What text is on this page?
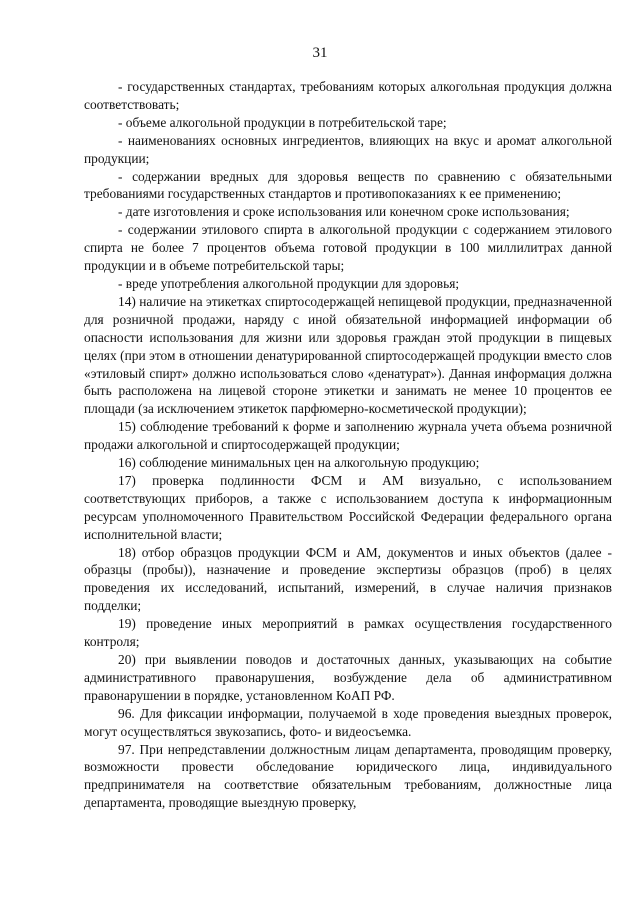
31

- государственных стандартах, требованиям которых алкогольная продукция должна соответствовать;

- объеме алкогольной продукции в потребительской таре;

- наименованиях основных ингредиентов, влияющих на вкус и аромат алкогольной продукции;

- содержании вредных для здоровья веществ по сравнению с обязательными требованиями государственных стандартов и противопоказаниях к ее применению;

- дате изготовления и сроке использования или конечном сроке использования;

- содержании этилового спирта в алкогольной продукции с содержанием этилового спирта не более 7 процентов объема готовой продукции в 100 миллилитрах данной продукции и в объеме потребительской тары;

- вреде употребления алкогольной продукции для здоровья;

14) наличие на этикетках спиртосодержащей непищевой продукции, предназначенной для розничной продажи, наряду с иной обязательной информацией информации об опасности использования для жизни или здоровья граждан этой продукции в пищевых целях (при этом в отношении денатурированной спиртосодержащей продукции вместо слов «этиловый спирт» должно использоваться слово «денатурат»). Данная информация должна быть расположена на лицевой стороне этикетки и занимать не менее 10 процентов ее площади (за исключением этикеток парфюмерно-косметической продукции);

15) соблюдение требований к форме и заполнению журнала учета объема розничной продажи алкогольной и спиртосодержащей продукции;

16) соблюдение минимальных цен на алкогольную продукцию;

17) проверка подлинности ФСМ и АМ визуально, с использованием соответствующих приборов, а также с использованием доступа к информационным ресурсам уполномоченного Правительством Российской Федерации федерального органа исполнительной власти;

18) отбор образцов продукции ФСМ и АМ, документов и иных объектов (далее - образцы (пробы)), назначение и проведение экспертизы образцов (проб) в целях проведения их исследований, испытаний, измерений, в случае наличия признаков подделки;

19) проведение иных мероприятий в рамках осуществления государственного контроля;

20) при выявлении поводов и достаточных данных, указывающих на событие административного правонарушения, возбуждение дела об административном правонарушении в порядке, установленном КоАП РФ.

96. Для фиксации информации, получаемой в ходе проведения выездных проверок, могут осуществляться звукозапись, фото- и видеосъемка.

97. При непредставлении должностным лицам департамента, проводящим проверку, возможности провести обследование юридического лица, индивидуального предпринимателя на соответствие обязательным требованиям, должностные лица департамента, проводящие выездную проверку,
